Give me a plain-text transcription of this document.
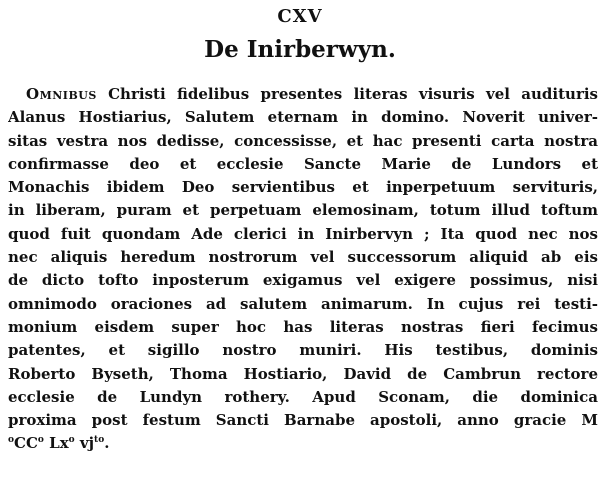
CXV
De Inirberwyn.
Omnibus Christi fidelibus presentes literas visuris vel audituris
Alanus Hostiarius, Salutem eternam in domino. Noverit univer-
sitas vestra nos dedisse, concessisse, et hac presenti carta nostra
confirmasse deo et ecclesie Sancte Marie de Lundors et
Monachis ibidem Deo servientibus et inperpetuum servituris,
in liberam, puram et perpetuam elemosinam, totum illud toftum
quod fuit quondam Ade clerici in Inirbervyn ; Ita quod nec nos
nec aliquis heredum nostrorum vel successorum aliquid ab eis
de dicto tofto inposterum exigamus vel exigere possimus, nisi
omnimodo oraciones ad salutem animarum. In cujus rei testi-
monium eisdem super hoc has literas nostras fieri fecimus
patentes, et sigillo nostro muniri. His testibus, dominis
Roberto Byseth, Thoma Hostiario, David de Cambrun rectore
ecclesie de Lundyn rothery. Apud Sconam, die dominica
proxima post festum Sancti Barnabe apostoli, anno gracie M
$^oCC^o$ Lx$^o$ $vj^{to}$.
